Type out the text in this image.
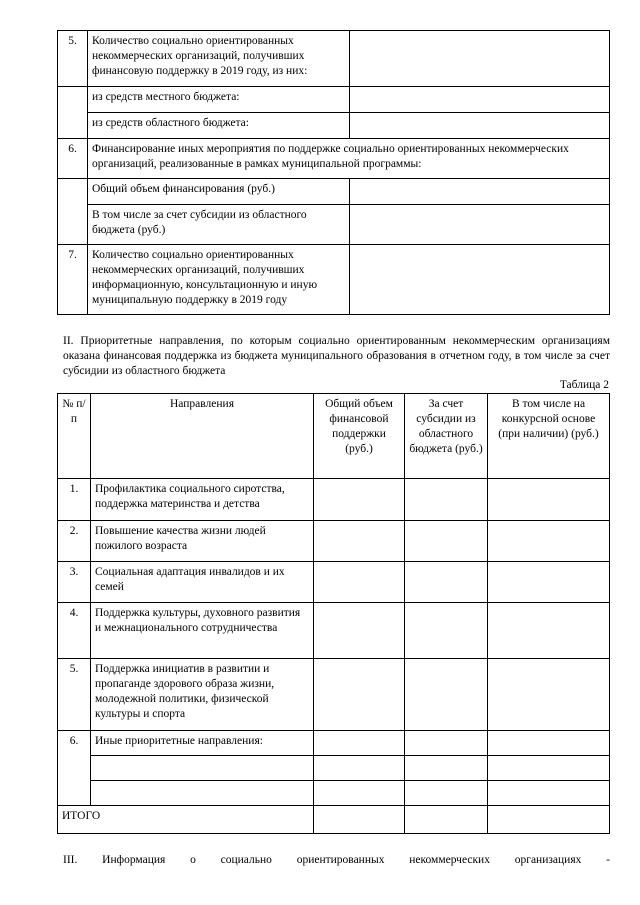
5.	Количество социально ориентированных некоммерческих организаций, получивших финансовую поддержку в 2019 году, из них:	
	из средств местного бюджета:	
	из средств областного бюджета:	
6.	Финансирование иных мероприятия по поддержке социально ориентированных некоммерческих организаций, реализованные в рамках муниципальной программы:	
	Общий объем финансирования (руб.)	
	В том числе за счет субсидии из областного бюджета (руб.)	
7.	Количество социально ориентированных некоммерческих организаций, получивших информационную, консультационную и иную муниципальную поддержку в 2019 году	
II. Приоритетные направления, по которым социально ориентированным некоммерческим организациям оказана финансовая поддержка из бюджета муниципального образования в отчетном году, в том числе за счет субсидии из областного бюджета
Таблица 2
№ п/п	Направления	Общий объем финансовой поддержки (руб.)	За счет субсидии из областного бюджета (руб.)	В том числе на конкурсной основе (при наличии) (руб.)
1.	Профилактика социального сиротства, поддержка материнства и детства			
2.	Повышение качества жизни людей пожилого возраста			
3.	Социальная адаптация инвалидов и их семей			
4.	Поддержка культуры, духовного развития и межнационального сотрудничества			
5.	Поддержка инициатив в развитии и пропаганде здорового образа жизни, молодежной политики, физической культуры и спорта			
6.	Иные приоритетные направления:			

ИТОГО				
III. Информация о социально ориентированных некоммерческих организациях -
